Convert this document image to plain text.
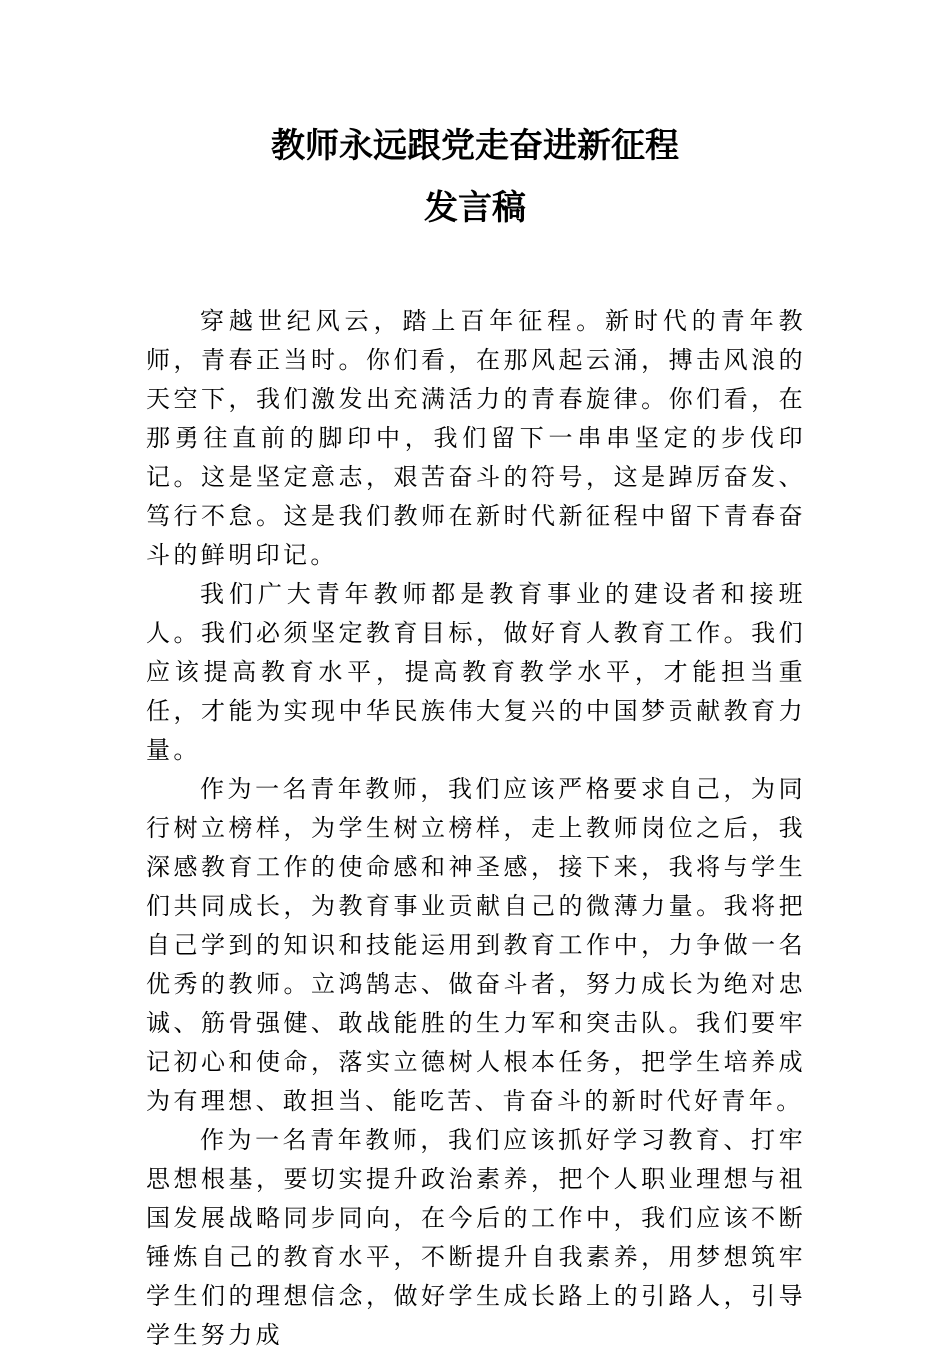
教师永远跟党走奋进新征程
发言稿

穿越世纪风云，踏上百年征程。新时代的青年教师，青春正当时。你们看，在那风起云涌，搏击风浪的天空下，我们激发出充满活力的青春旋律。你们看，在那勇往直前的脚印中，我们留下一串串坚定的步伐印记。这是坚定意志，艰苦奋斗的符号，这是踔厉奋发、笃行不怠。这是我们教师在新时代新征程中留下青春奋斗的鲜明印记。

我们广大青年教师都是教育事业的建设者和接班人。我们必须坚定教育目标，做好育人教育工作。我们应该提高教育水平，提高教育教学水平，才能担当重任，才能为实现中华民族伟大复兴的中国梦贡献教育力量。

作为一名青年教师，我们应该严格要求自己，为同行树立榜样，为学生树立榜样，走上教师岗位之后，我深感教育工作的使命感和神圣感，接下来，我将与学生们共同成长，为教育事业贡献自己的微薄力量。我将把自己学到的知识和技能运用到教育工作中，力争做一名优秀的教师。立鸿鹄志、做奋斗者，努力成长为绝对忠诚、筋骨强健、敢战能胜的生力军和突击队。我们要牢记初心和使命，落实立德树人根本任务，把学生培养成为有理想、敢担当、能吃苦、肯奋斗的新时代好青年。

作为一名青年教师，我们应该抓好学习教育、打牢思想根基，要切实提升政治素养，把个人职业理想与祖国发展战略同步同向，在今后的工作中，我们应该不断锤炼自己的教育水平，不断提升自我素养，用梦想筑牢学生们的理想信念，做好学生成长路上的引路人，引导学生努力成
